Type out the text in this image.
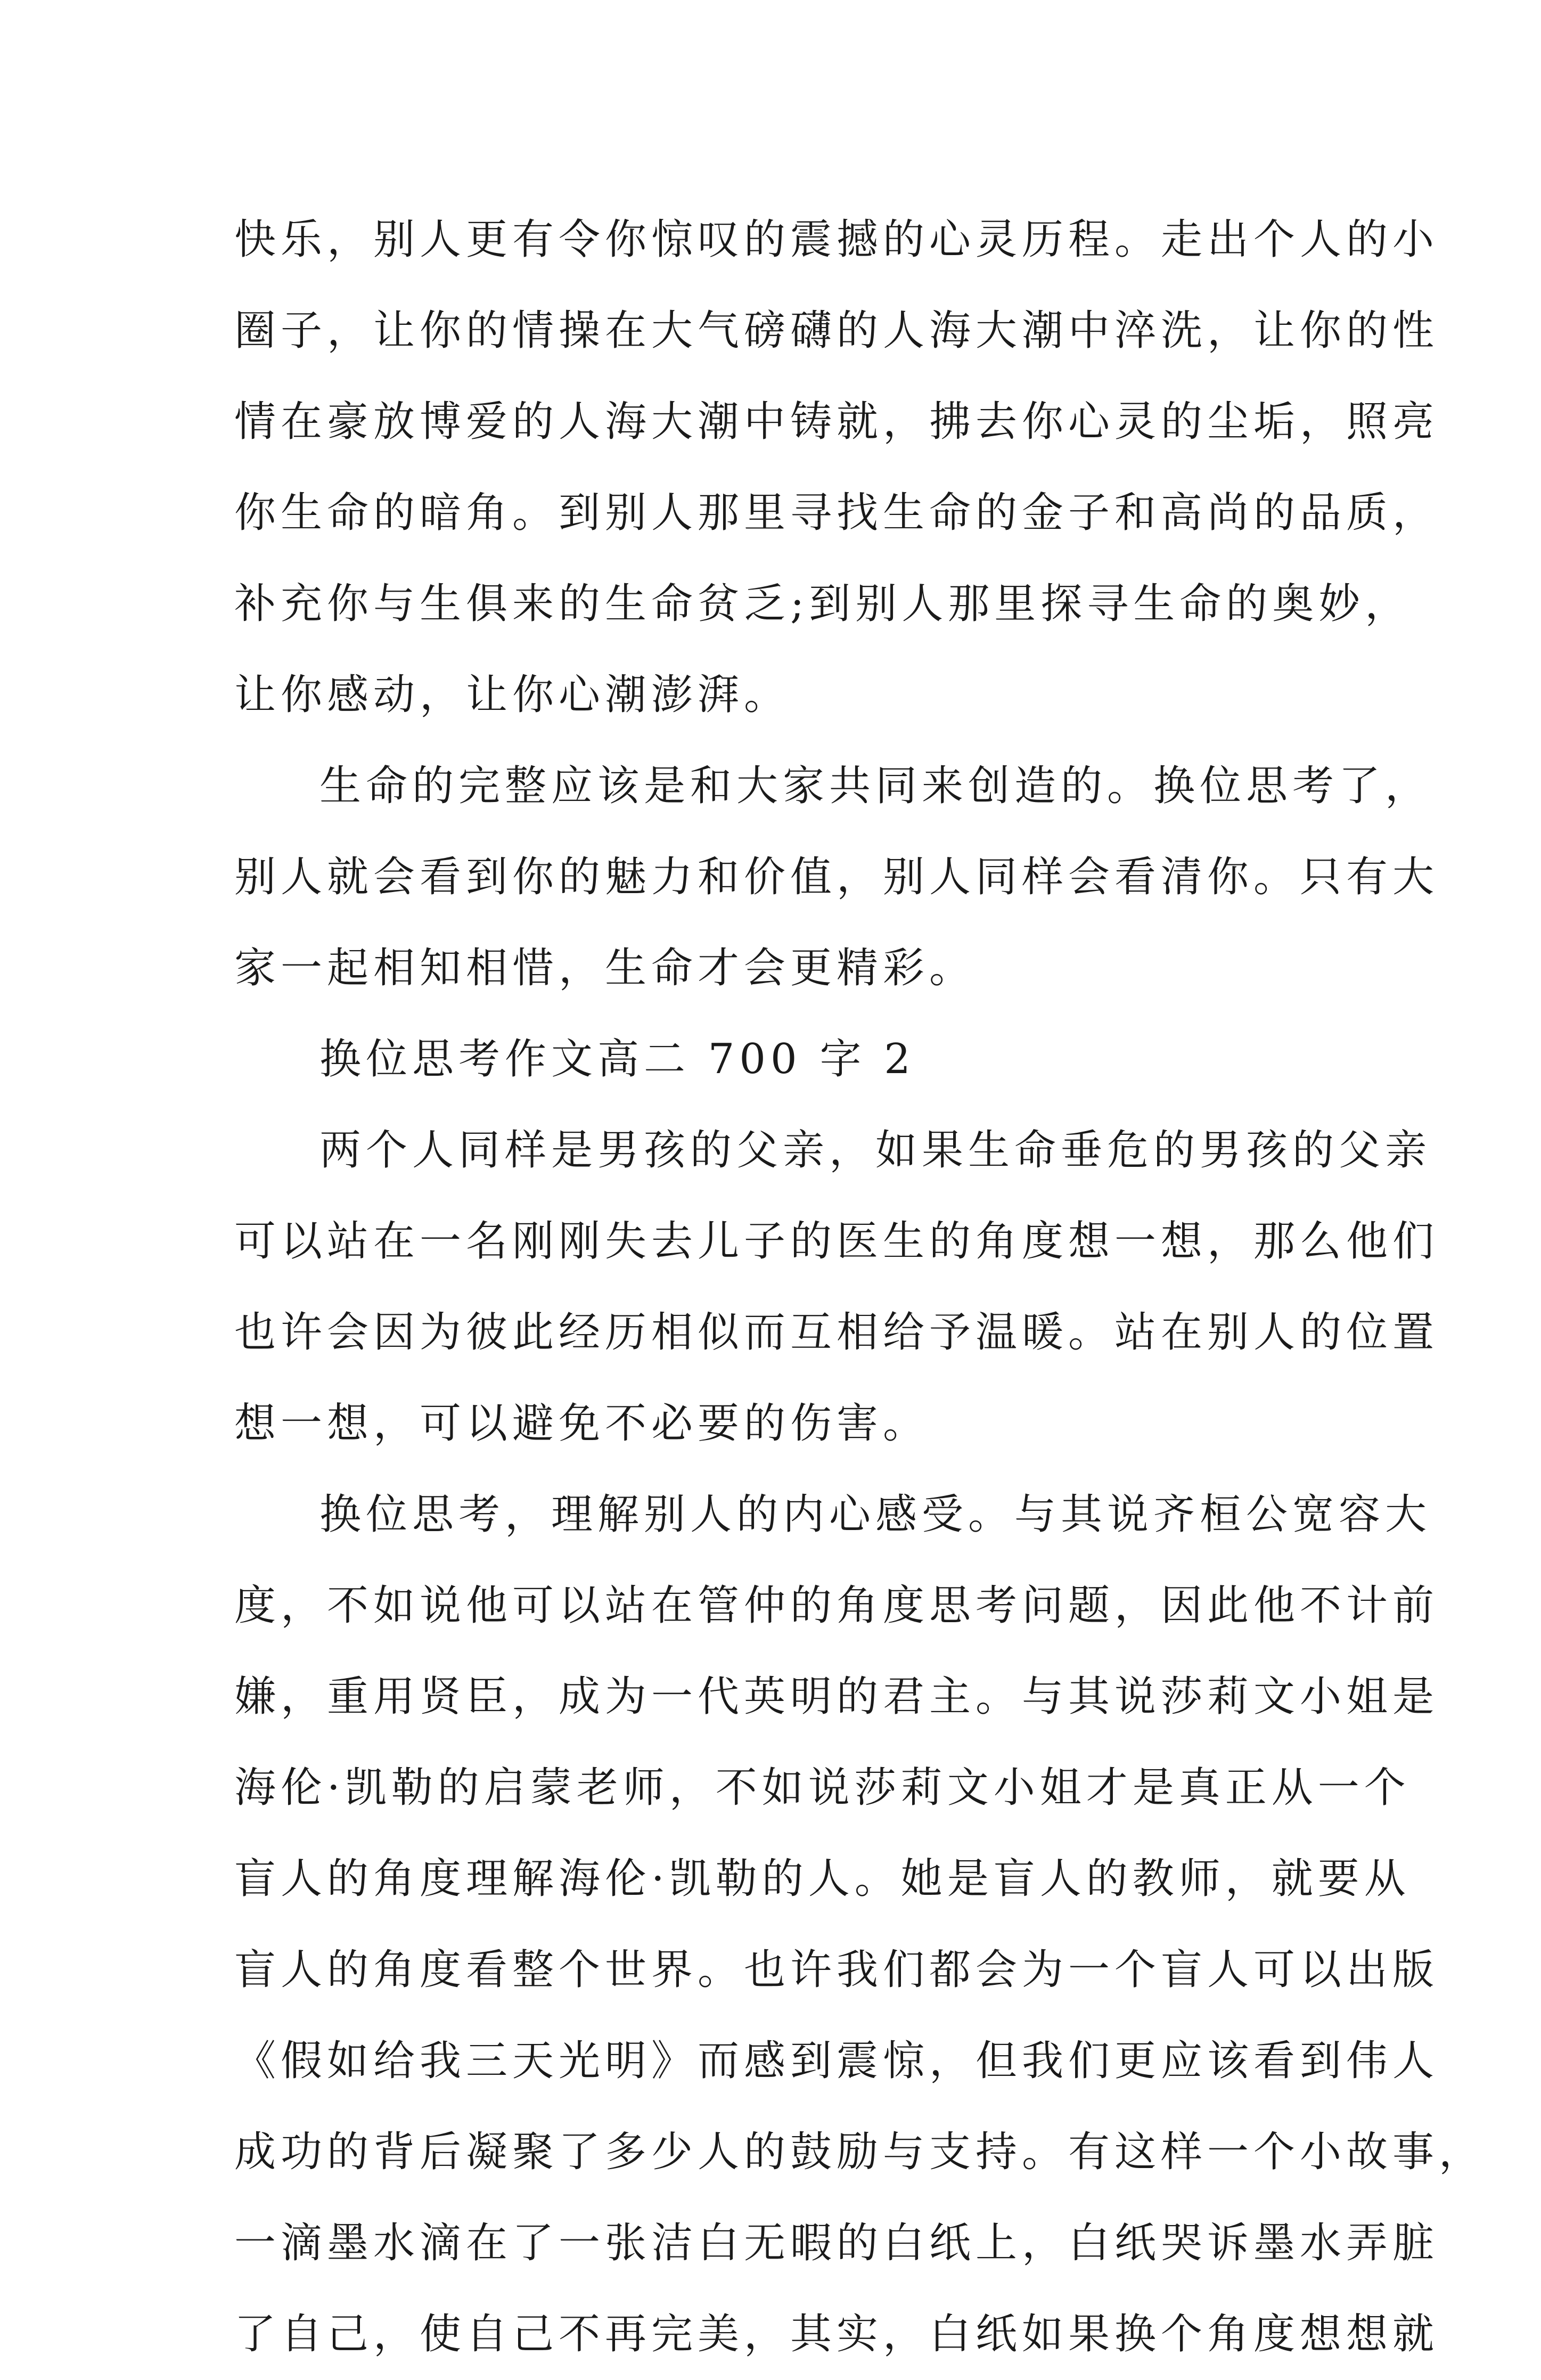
快乐，别人更有令你惊叹的震撼的心灵历程。走出个人的小
圈子，让你的情操在大气磅礴的人海大潮中淬洗，让你的性
情在豪放博爱的人海大潮中铸就，拂去你心灵的尘垢，照亮
你生命的暗角。到别人那里寻找生命的金子和高尚的品质，
补充你与生俱来的生命贫乏;到别人那里探寻生命的奥妙，
让你感动，让你心潮澎湃。
生命的完整应该是和大家共同来创造的。换位思考了，
别人就会看到你的魅力和价值，别人同样会看清你。只有大
家一起相知相惜，生命才会更精彩。
换位思考作文高二 700 字 2
两个人同样是男孩的父亲，如果生命垂危的男孩的父亲
可以站在一名刚刚失去儿子的医生的角度想一想，那么他们
也许会因为彼此经历相似而互相给予温暖。站在别人的位置
想一想，可以避免不必要的伤害。
换位思考，理解别人的内心感受。与其说齐桓公宽容大
度，不如说他可以站在管仲的角度思考问题，因此他不计前
嫌，重用贤臣，成为一代英明的君主。与其说莎莉文小姐是
海伦·凯勒的启蒙老师，不如说莎莉文小姐才是真正从一个
盲人的角度理解海伦·凯勒的人。她是盲人的教师，就要从
盲人的角度看整个世界。也许我们都会为一个盲人可以出版
《假如给我三天光明》而感到震惊，但我们更应该看到伟人
成功的背后凝聚了多少人的鼓励与支持。有这样一个小故事，
一滴墨水滴在了一张洁白无暇的白纸上，白纸哭诉墨水弄脏
了自己，使自己不再完美，其实，白纸如果换个角度想想就
